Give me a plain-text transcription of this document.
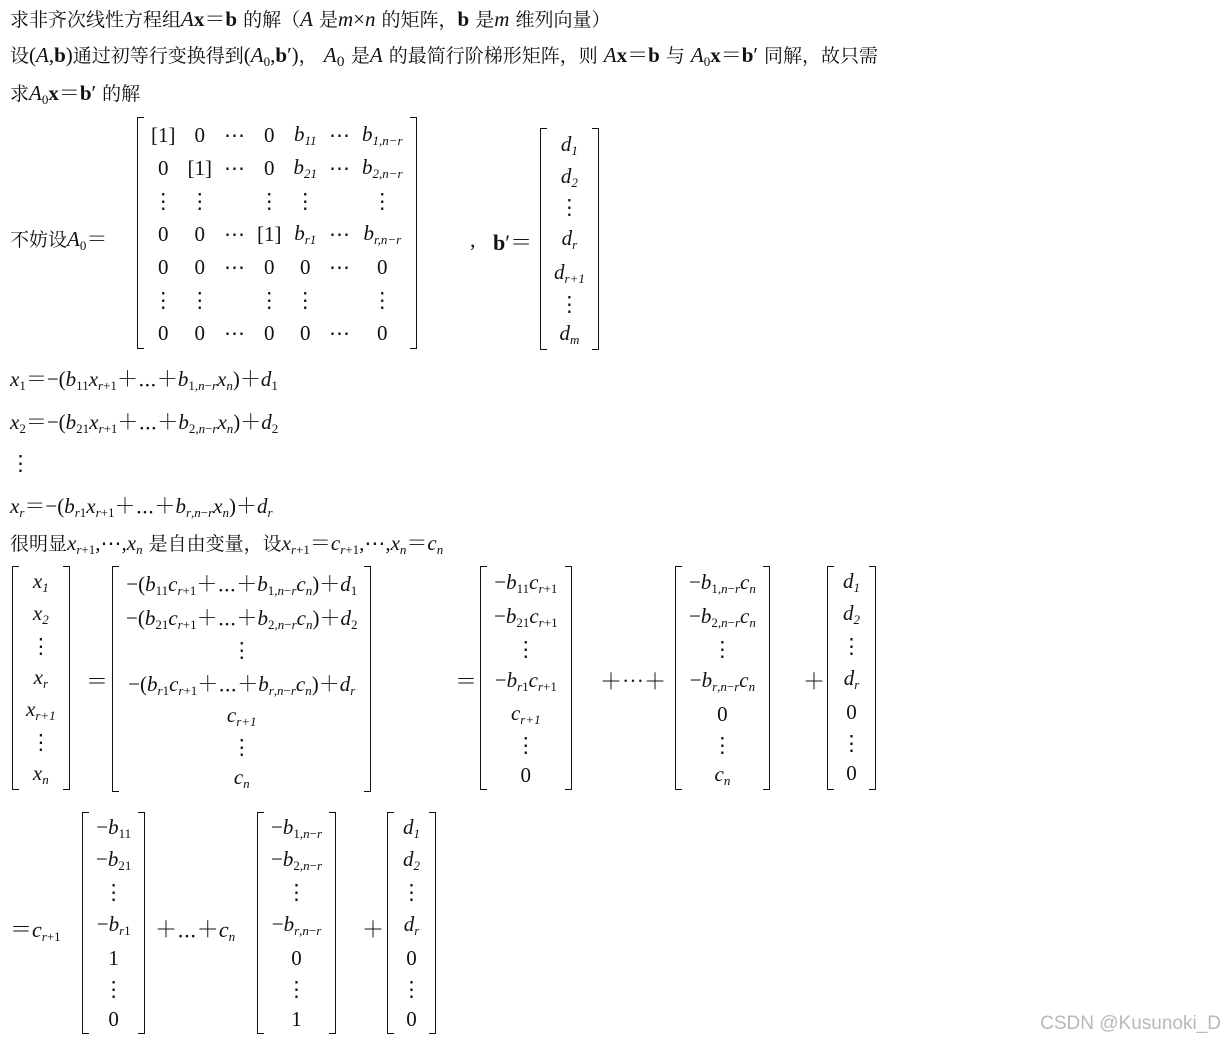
求非齐次线性方程组Ax＝b 的解（A 是m×n 的矩阵，b 是m 维列向量）
设(A,b)通过初等行变换得到$(A_0,b')$， $A_0$ 是A 的最简行阶梯形矩阵，则 Ax＝b 与 $A_0x=b'$ 同解，故只需
求$A_0x=b'$ 的解
不妨设$A_0=$
[1]	0	⋯	0	$b_{11}$	⋯	$b_{1,n-r}$
0	[1]	⋯	0	$b_{21}$	⋯	$b_{2,n-r}$
⋮	⋮		⋮	⋮		⋮
0	0	⋯	[1]	$b_{r1}$	⋯	$b_{r,n-r}$
0	0	⋯	0	0	⋯	0
⋮	⋮		⋮	⋮		⋮
0	0	⋯	0	0	⋯	0
, b′＝
$d_1$
$d_2$
⋮
$d_r$
$d_{r+1}$
⋮
$d_m$
$x_1=-(b_{11}x_{r+1}+\cdots+b_{1,n-r}x_n)+d_1$
$x_2=-(b_{21}x_{r+1}+\cdots+b_{2,n-r}x_n)+d_2$
⋮
$x_r=-(b_{r1}x_{r+1}+\cdots+b_{r,n-r}x_n)+d_r$
很明显$x_{r+1},\cdots,x_n$ 是自由变量，设$x_{r+1}=c_{r+1},\cdots,x_n=c_n$
$x_1$
$x_2$
⋮
$x_r$
$x_{r+1}$
⋮
$x_n$
＝
$-(b_{11}c_{r+1}+\cdots+b_{1,n-r}c_n)+d_1$
$-(b_{21}c_{r+1}+\cdots+b_{2,n-r}c_n)+d_2$
⋮
$-(b_{r1}c_{r+1}+\cdots+b_{r,n-r}c_n)+d_r$
$c_{r+1}$
⋮
$c_n$
＝
$-b_{11}c_{r+1}$
$-b_{21}c_{r+1}$
⋮
$-b_{r1}c_{r+1}$
$c_{r+1}$
⋮
0
＋⋯＋
$-b_{1,n-r}c_n$
$-b_{2,n-r}c_n$
⋮
$-b_{r,n-r}c_n$
0
⋮
$c_n$
＋
$d_1$
$d_2$
⋮
$d_r$
0
⋮
0
$=c_{r+1}$
$-b_{11}$
$-b_{21}$
⋮
$-b_{r1}$
1
⋮
0
$+\cdots+c_n$
$-b_{1,n-r}$
$-b_{2,n-r}$
⋮
$-b_{r,n-r}$
0
⋮
1
＋
$d_1$
$d_2$
⋮
$d_r$
0
⋮
0	CSDN @Kusunoki_D
